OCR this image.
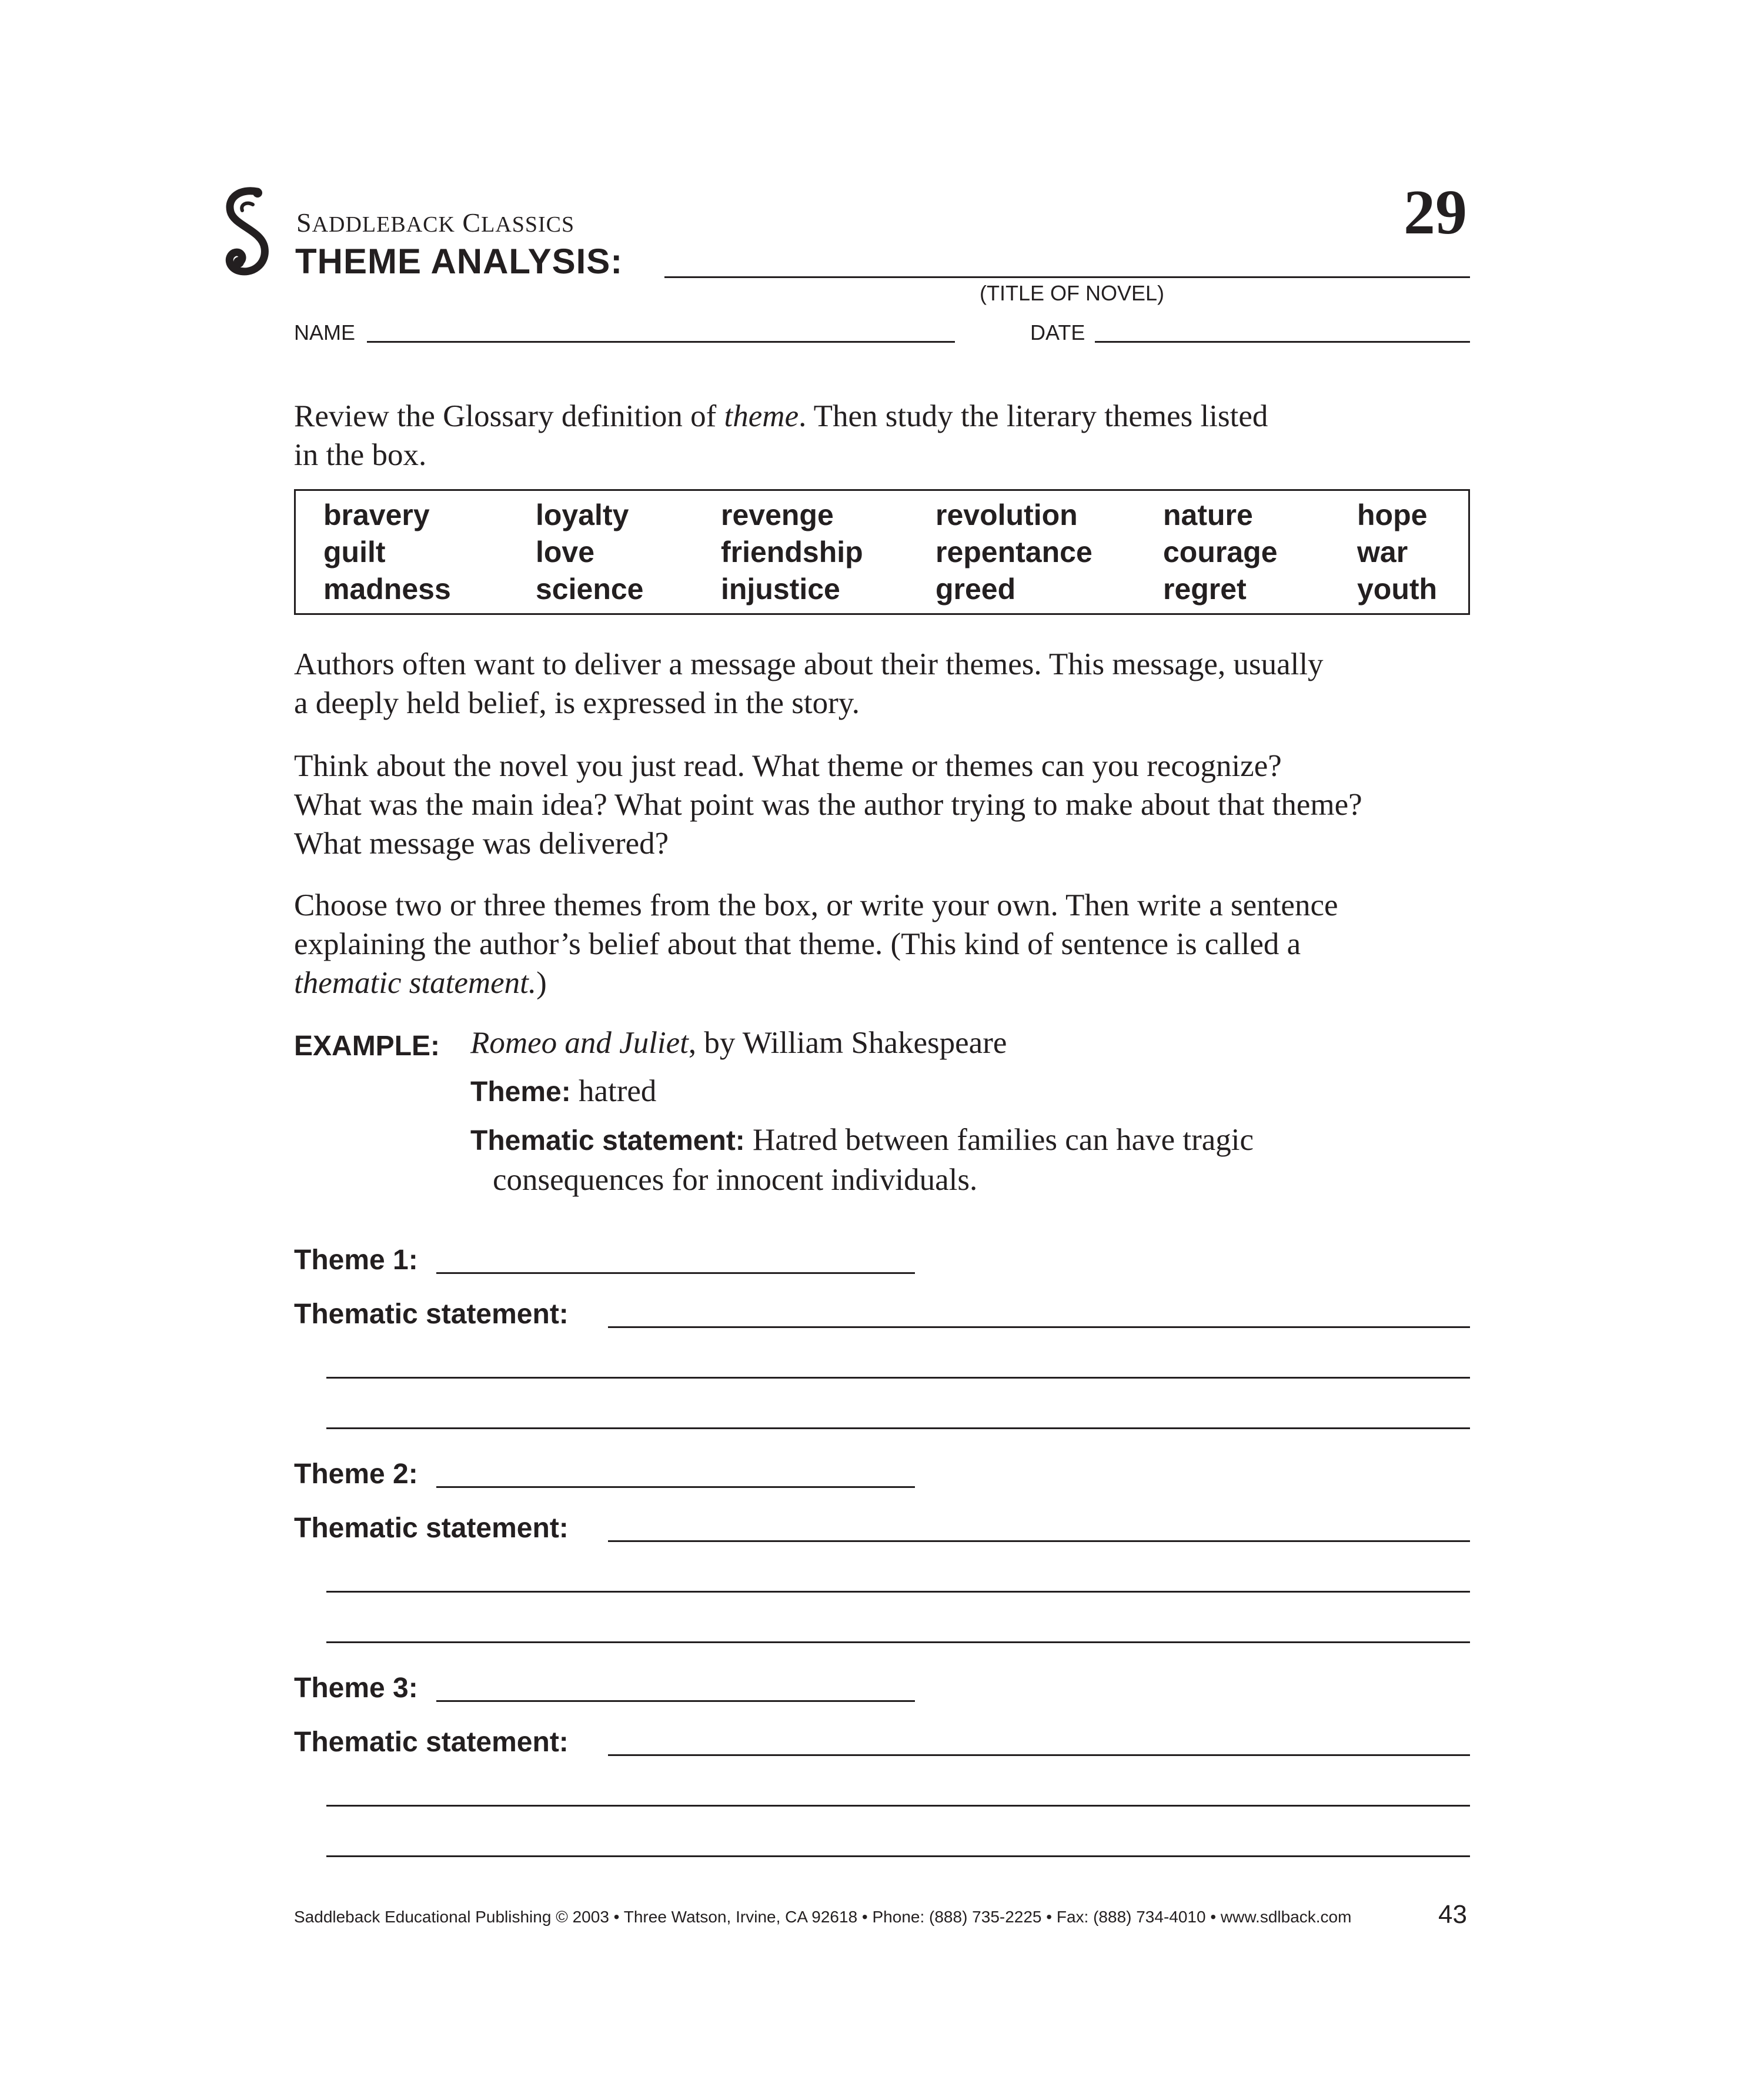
SADDLEBACK CLASSICS
THEME ANALYSIS:
29
(TITLE OF NOVEL)
NAME	DATE
Review the Glossary definition of theme. Then study the literary themes listed
in the box.
bravery
guilt
madness
loyalty
love
science
revenge
friendship
injustice
revolution
repentance
greed
nature
courage
regret
hope
war
youth
Authors often want to deliver a message about their themes. This message, usually
a deeply held belief, is expressed in the story.
Think about the novel you just read. What theme or themes can you recognize?
What was the main idea? What point was the author trying to make about that theme?
What message was delivered?
Choose two or three themes from the box, or write your own. Then write a sentence
explaining the author’s belief about that theme. (This kind of sentence is called a
thematic statement.)
EXAMPLE: Romeo and Juliet, by William Shakespeare
Theme: hatred
Thematic statement: Hatred between families can have tragic
consequences for innocent individuals.
Theme 1:
Thematic statement:
Theme 2:
Thematic statement:
Theme 3:
Thematic statement:
Saddleback Educational Publishing © 2003 • Three Watson, Irvine, CA 92618 • Phone: (888) 735-2225 • Fax: (888) 734-4010 • www.sdlback.com	43
